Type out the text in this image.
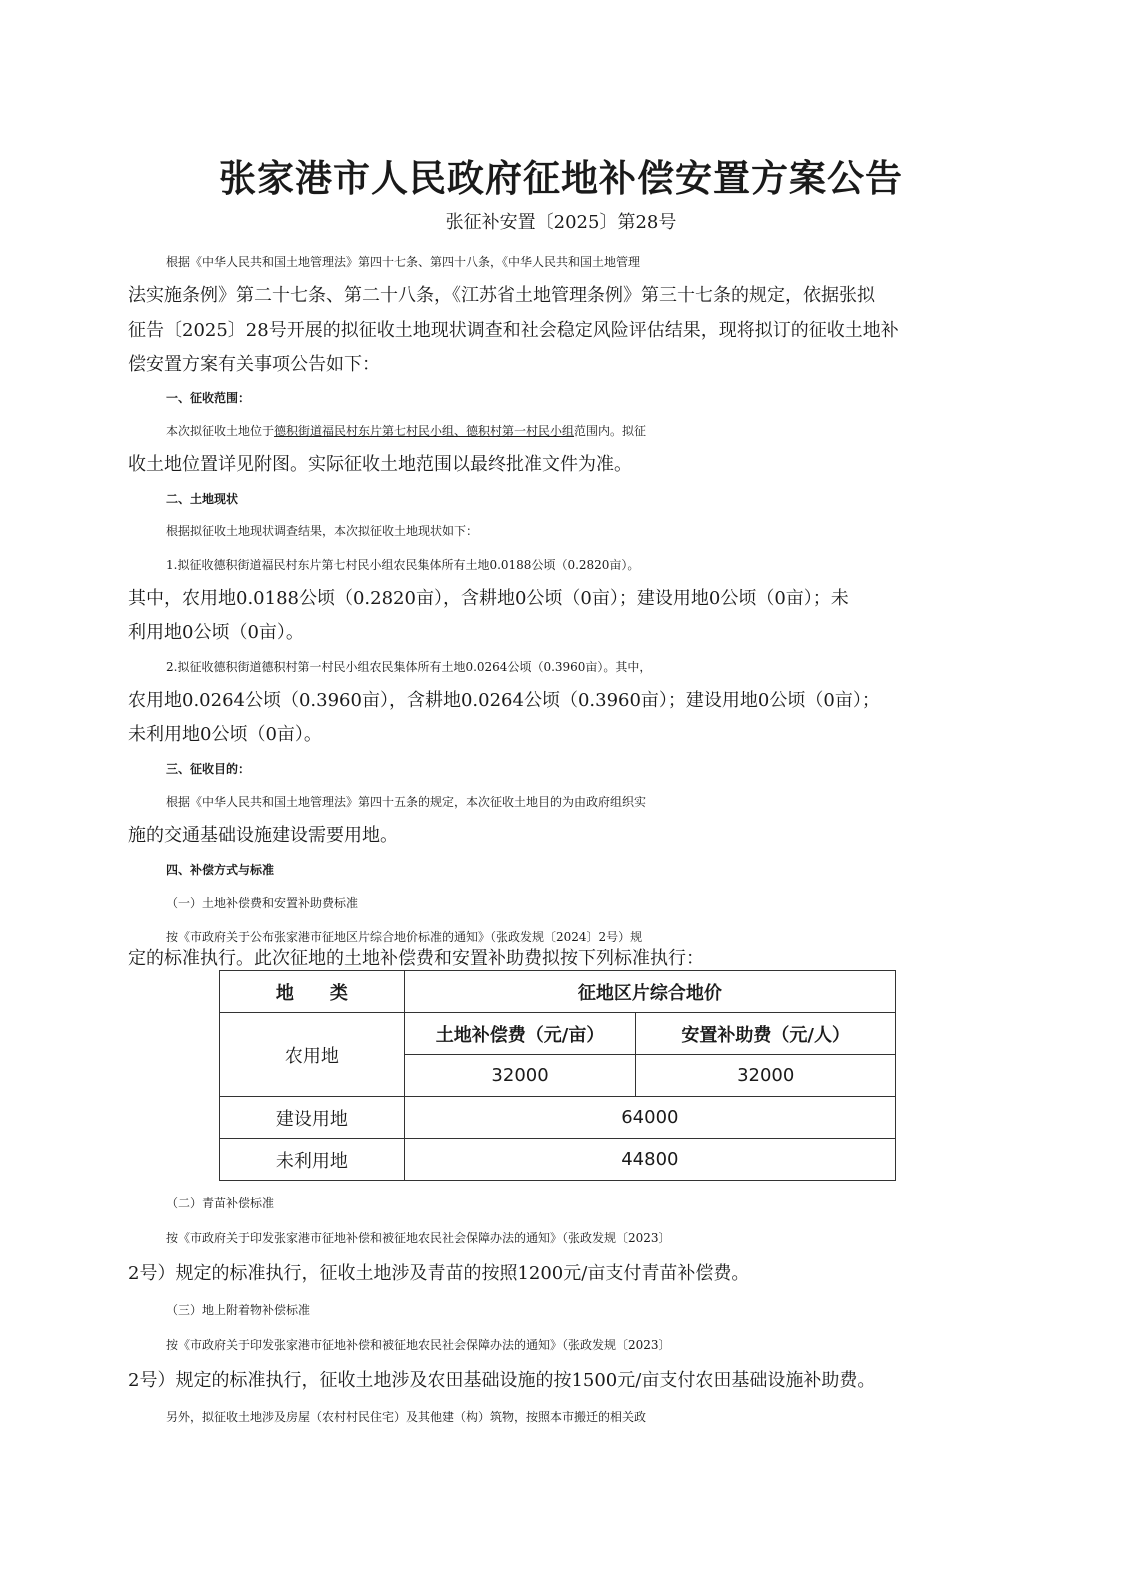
张家港市人民政府征地补偿安置方案公告
张征补安置〔2025〕第28号
根据《中华人民共和国土地管理法》第四十七条、第四十八条，《中华人民共和国土地管理
法实施条例》第二十七条、第二十八条，《江苏省土地管理条例》第三十七条的规定，依据张拟
征告〔2025〕28号开展的拟征收土地现状调查和社会稳定风险评估结果，现将拟订的征收土地补
偿安置方案有关事项公告如下：
一、征收范围：
本次拟征收土地位于德积街道福民村东片第七村民小组、德积村第一村民小组范围内。拟征
收土地位置详见附图。实际征收土地范围以最终批准文件为准。
二、土地现状
根据拟征收土地现状调查结果，本次拟征收土地现状如下：
1.拟征收德积街道福民村东片第七村民小组农民集体所有土地0.0188公顷（0.2820亩）。
其中，农用地0.0188公顷（0.2820亩），含耕地0公顷（0亩）；建设用地0公顷（0亩）；未
利用地0公顷（0亩）。
2.拟征收德积街道德积村第一村民小组农民集体所有土地0.0264公顷（0.3960亩）。其中，
农用地0.0264公顷（0.3960亩），含耕地0.0264公顷（0.3960亩）；建设用地0公顷（0亩）；
未利用地0公顷（0亩）。
三、征收目的：
根据《中华人民共和国土地管理法》第四十五条的规定，本次征收土地目的为由政府组织实
施的交通基础设施建设需要用地。
四、补偿方式与标准
（一）土地补偿费和安置补助费标准
按《市政府关于公布张家港市征地区片综合地价标准的通知》（张政发规〔2024〕2号）规
定的标准执行。此次征地的土地补偿费和安置补助费拟按下列标准执行：
地　　类	征地区片综合地价	
农用地	土地补偿费（元/亩）	安置补助费（元/人）
	32000	32000
建设用地	64000	
未利用地	44800	
（二）青苗补偿标准
按《市政府关于印发张家港市征地补偿和被征地农民社会保障办法的通知》（张政发规〔2023〕
2号）规定的标准执行，征收土地涉及青苗的按照1200元/亩支付青苗补偿费。
（三）地上附着物补偿标准
按《市政府关于印发张家港市征地补偿和被征地农民社会保障办法的通知》（张政发规〔2023〕
2号）规定的标准执行，征收土地涉及农田基础设施的按1500元/亩支付农田基础设施补助费。
另外，拟征收土地涉及房屋（农村村民住宅）及其他建（构）筑物，按照本市搬迁的相关政
